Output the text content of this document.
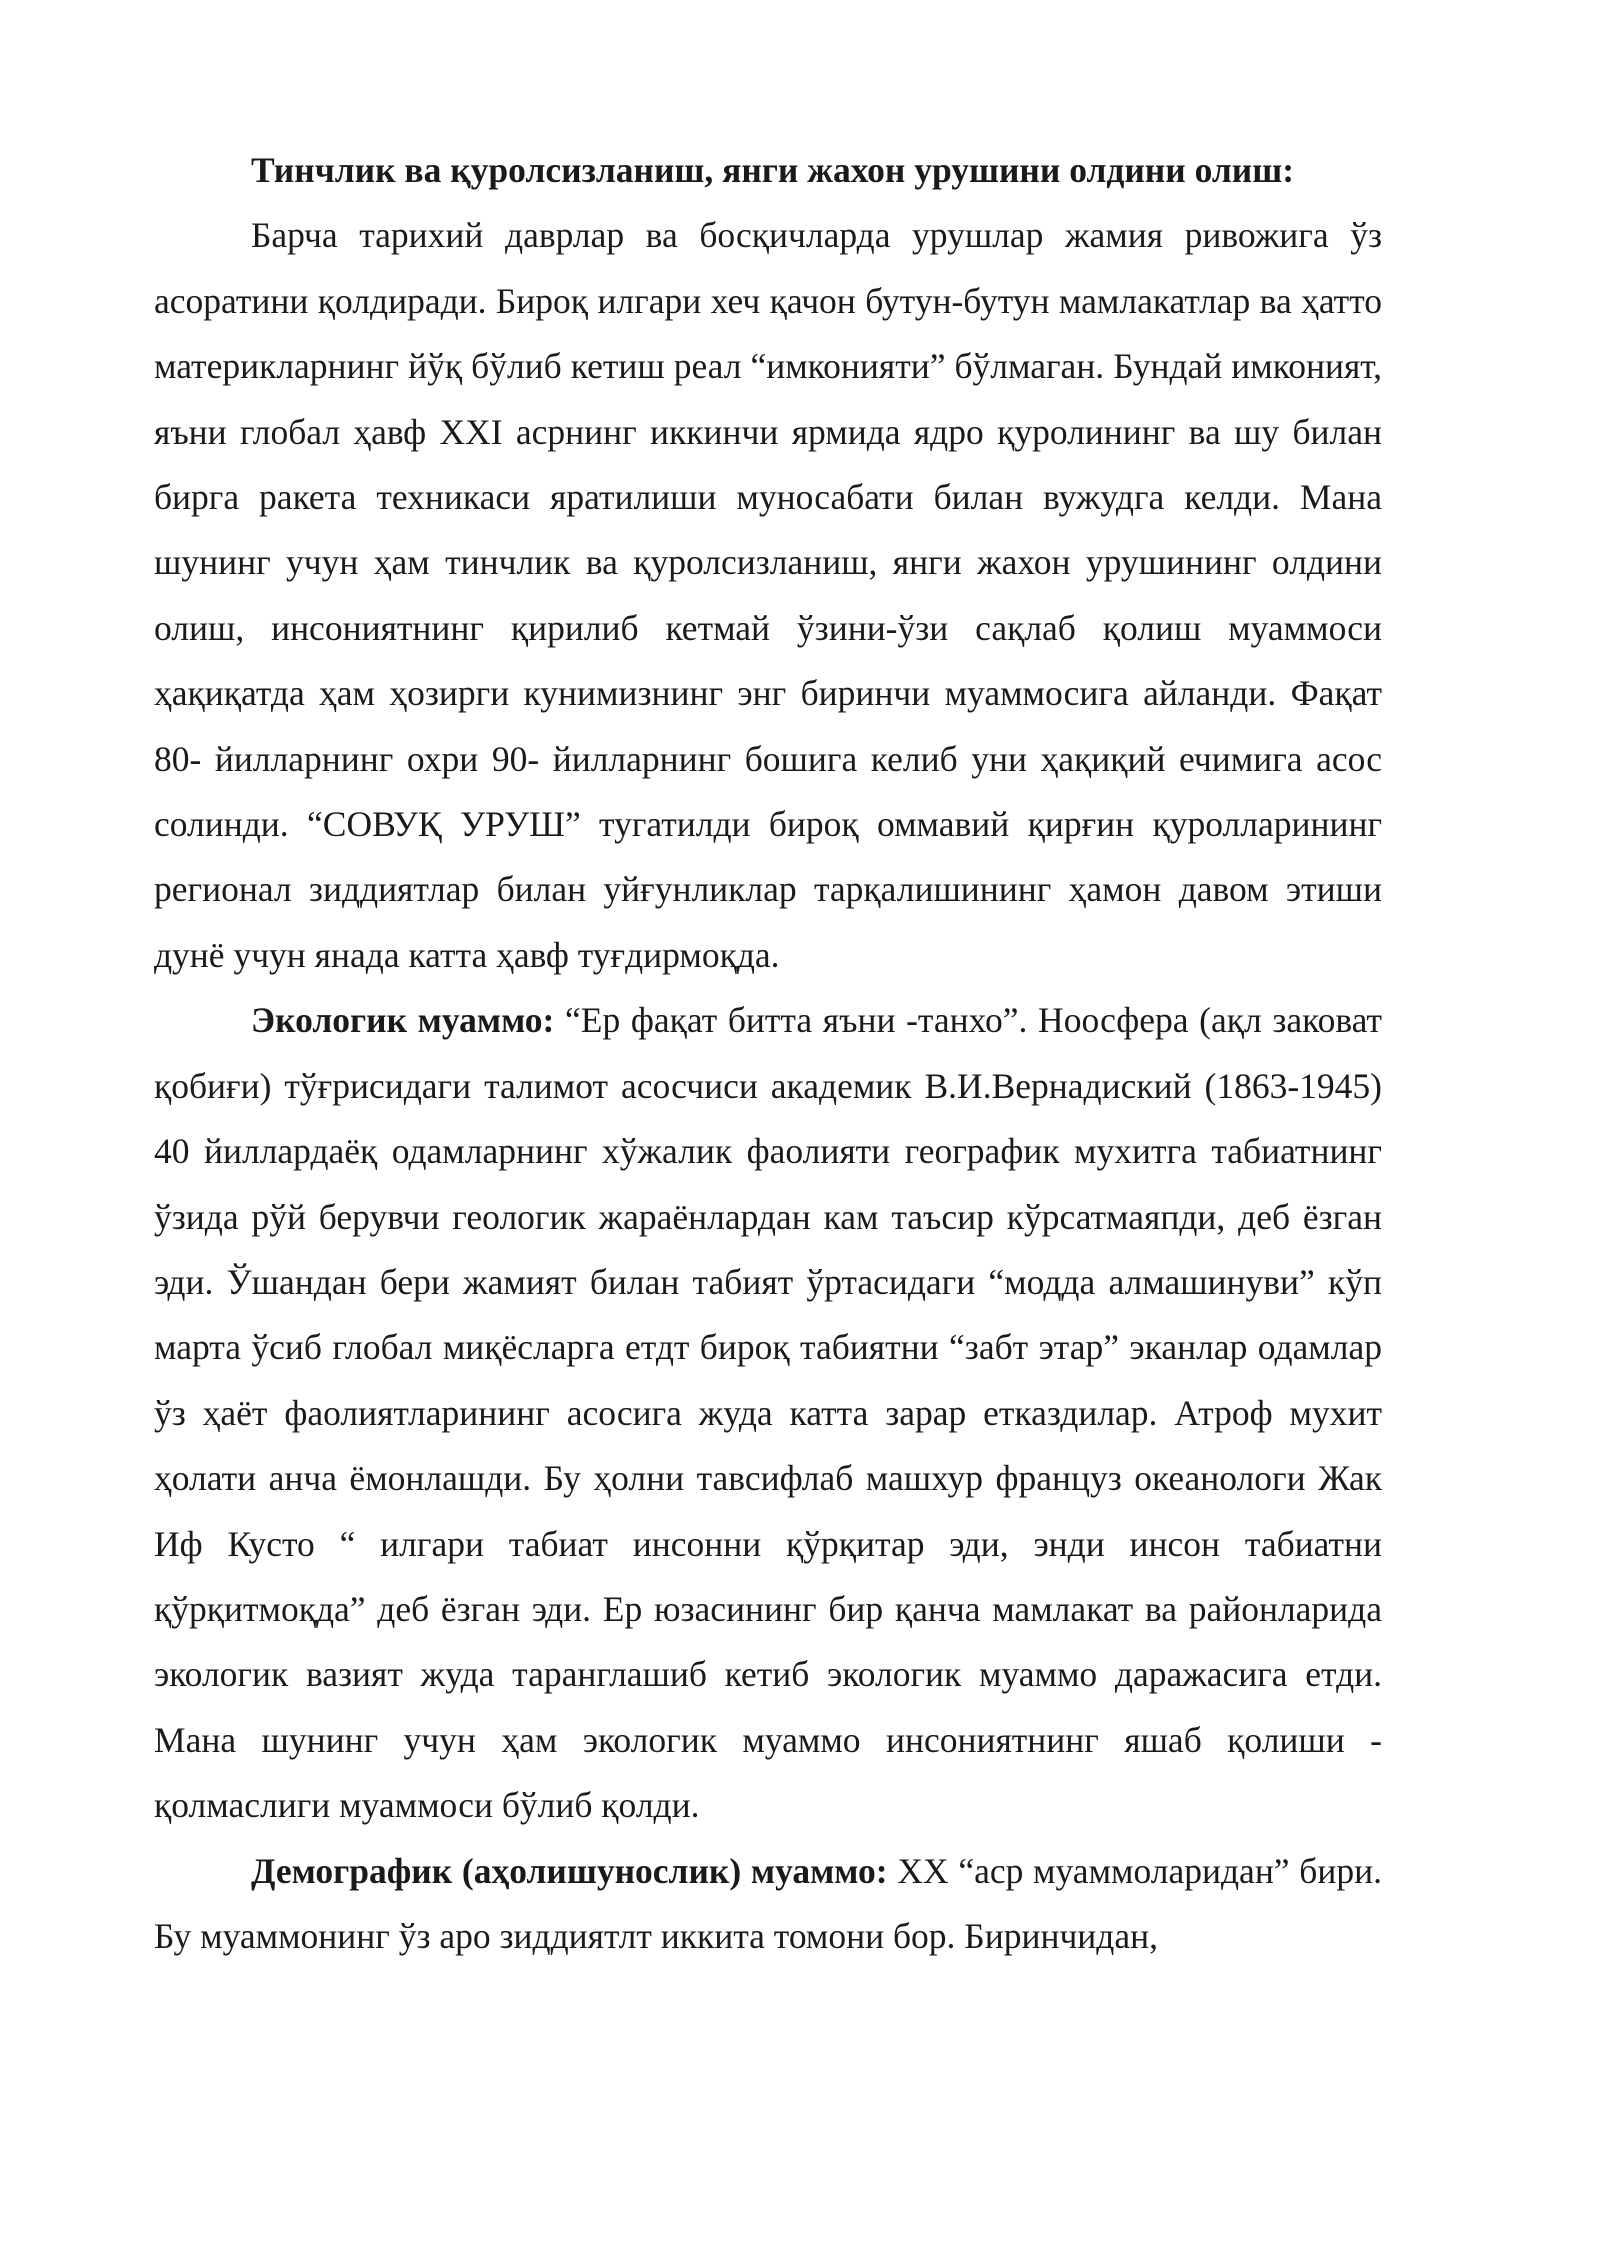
Тинчлик ва қуролсизланиш, янги жахон урушини олдини олиш:

Барча тарихий даврлар ва босқичларда урушлар жамия ривожига ўз асоратини қолдиради. Бироқ илгари хеч қачон бутун-бутун мамлакатлар ва ҳатто материкларнинг йўқ бўлиб кетиш реал “имконияти” бўлмаган. Бундай имконият, яъни глобал ҳавф XXI асрнинг иккинчи ярмида ядро қуролининг ва шу билан бирга ракета техникаси яратилиши муносабати билан вужудга келди. Мана шунинг учун ҳам тинчлик ва қуролсизланиш, янги жахон урушининг олдини олиш, инсониятнинг қирилиб кетмай ўзини-ўзи сақлаб қолиш муаммоси ҳақиқатда ҳам ҳозирги кунимизнинг энг биринчи муаммосига айланди. Фақат 80- йилларнинг охри 90- йилларнинг бошига келиб уни ҳақиқий ечимига асос солинди. “СОВУҚ УРУШ” тугатилди бироқ оммавий қирғин қуролларининг регионал зиддиятлар билан уйғунликлар тарқалишининг ҳамон давом этиши дунё учун янада катта ҳавф туғдирмоқда.

Экологик муаммо: “Ер фақат битта яъни -танхо”. Ноосфера (ақл заковат қобиғи) тўғрисидаги талимот асосчиси академик В.И.Вернадиский (1863-1945) 40 йиллардаёқ одамларнинг хўжалик фаолияти географик мухитга табиатнинг ўзида рўй берувчи геологик жараёнлардан кам таъсир кўрсатмаяпди, деб ёзган эди. Ўшандан бери жамият билан табият ўртасидаги “модда алмашинуви” кўп марта ўсиб глобал миқёсларга етдт бироқ табиятни “забт этар” эканлар одамлар ўз ҳаёт фаолиятларининг асосига жуда катта зарар етказдилар. Атроф мухит ҳолати анча ёмонлашди. Бу ҳолни тавсифлаб машхур француз океанологи Жак Иф Кусто “ илгари табиат инсонни қўрқитар эди, энди инсон табиатни қўрқитмоқда” деб ёзган эди. Ер юзасининг бир қанча мамлакат ва районларида экологик вазият жуда таранглашиб кетиб экологик муаммо даражасига етди. Мана шунинг учун ҳам экологик муаммо инсониятнинг яшаб қолиши - қолмаслиги муаммоси бўлиб қолди.

Демографик (аҳолишунослик) муаммо: XX “аср муаммоларидан” бири. Бу муаммонинг ўз аро зиддиятлт иккита томони бор. Биринчидан,
